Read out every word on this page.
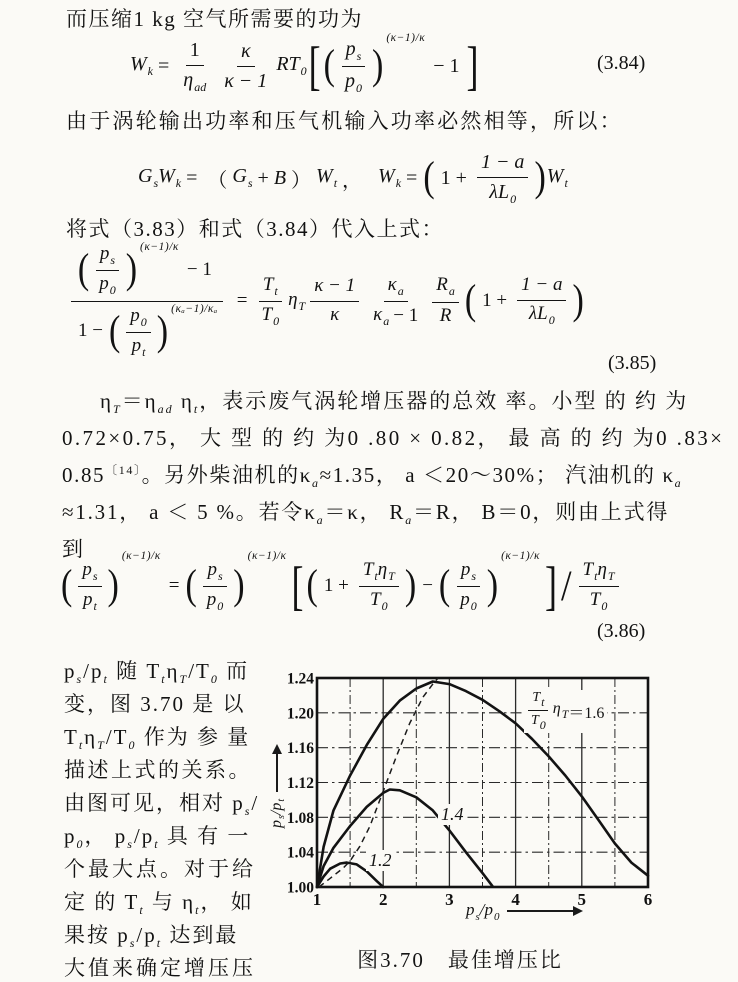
而压缩1 kg 空气所需要的功为
$W_k$ =
1
$\eta_{ad}$
κ
κ − 1
$RT_0$ [ ( $p_s$
$p_0$ )
(κ−1)/κ
− 1 ]	(3.84)
由于涡轮输出功率和压气机输入功率必然相等，所以：
$G_s$ $W_k$ = （ $G_s + B$ ） $W_t$ ， $W_k$ = ( $1 + \frac{1 - a}{\lambda L_0}$ ) $W_t$
将式（3.83）和式（3.84）代入上式：
( $p_s$
$p_0$ ) (κ−1)/κ
− 1
1 − ( $p_0$
$p_t$ ) $(\kappa_a-1)/\kappa_a = \frac{T_t}{T_0} \eta_T$
κ − 1
κ
$\kappa_a$
$\kappa_a - 1$
$R_a$
R ( $1 + \frac{1 - a}{\lambda L_0}$ )
(3.85)
$\eta_T=\eta_{ad}$ $\eta_t$，表示废气涡轮增压器的总效 率。小型 的 约 为
0.72×0.75， 大 型 的 约 为0 .80 × 0.82， 最 高 的 约 为0 .83×
$0.85^{〔14〕}$。另外柴油机的$\kappa_a\approx 1.35$， a ＜20～30%； 汽油机的 $\kappa_a$
≈1.31， a ＜ 5 %。若令$\kappa_a=\kappa$， $R_a=R$， B＝0，则由上式得
到
( $p_s$
$p_t$ )
(κ−1)/κ
= ( $p_s$
$p_0$ )
(κ−1)/κ [ ( 1 +
$T_t$ $\eta_T$
$T_0$ ) − ( $p_s$
$p_0$ )
(κ−1)/κ ] / $T_t$ $\eta_T$
$T_0$
(3.86)
$p_s/p_t$ 随 $T_t\eta_T/T_0$ 而
变，图 3.70 是 以
$T_t\eta_T/T_0$ 作为 参 量
描述上式的关系。
由图可见，相对 $p_s/$
$p_0$， $p_s/p_t$ 具 有 一
个最大点。对于给
定 的 $T_t$ 与 $\eta_t$， 如
果按 $p_s/p_t$ 达到最
大值来确定增压压
1.00
1.04
1.08
1.12
1.16
1.20
1.24
1	2	3	4	5	6
ps/pt
$p_s/p_0$
Tt
T0
$\eta_T =1.6$
1.4
1.2
图3.70　最佳增压比
